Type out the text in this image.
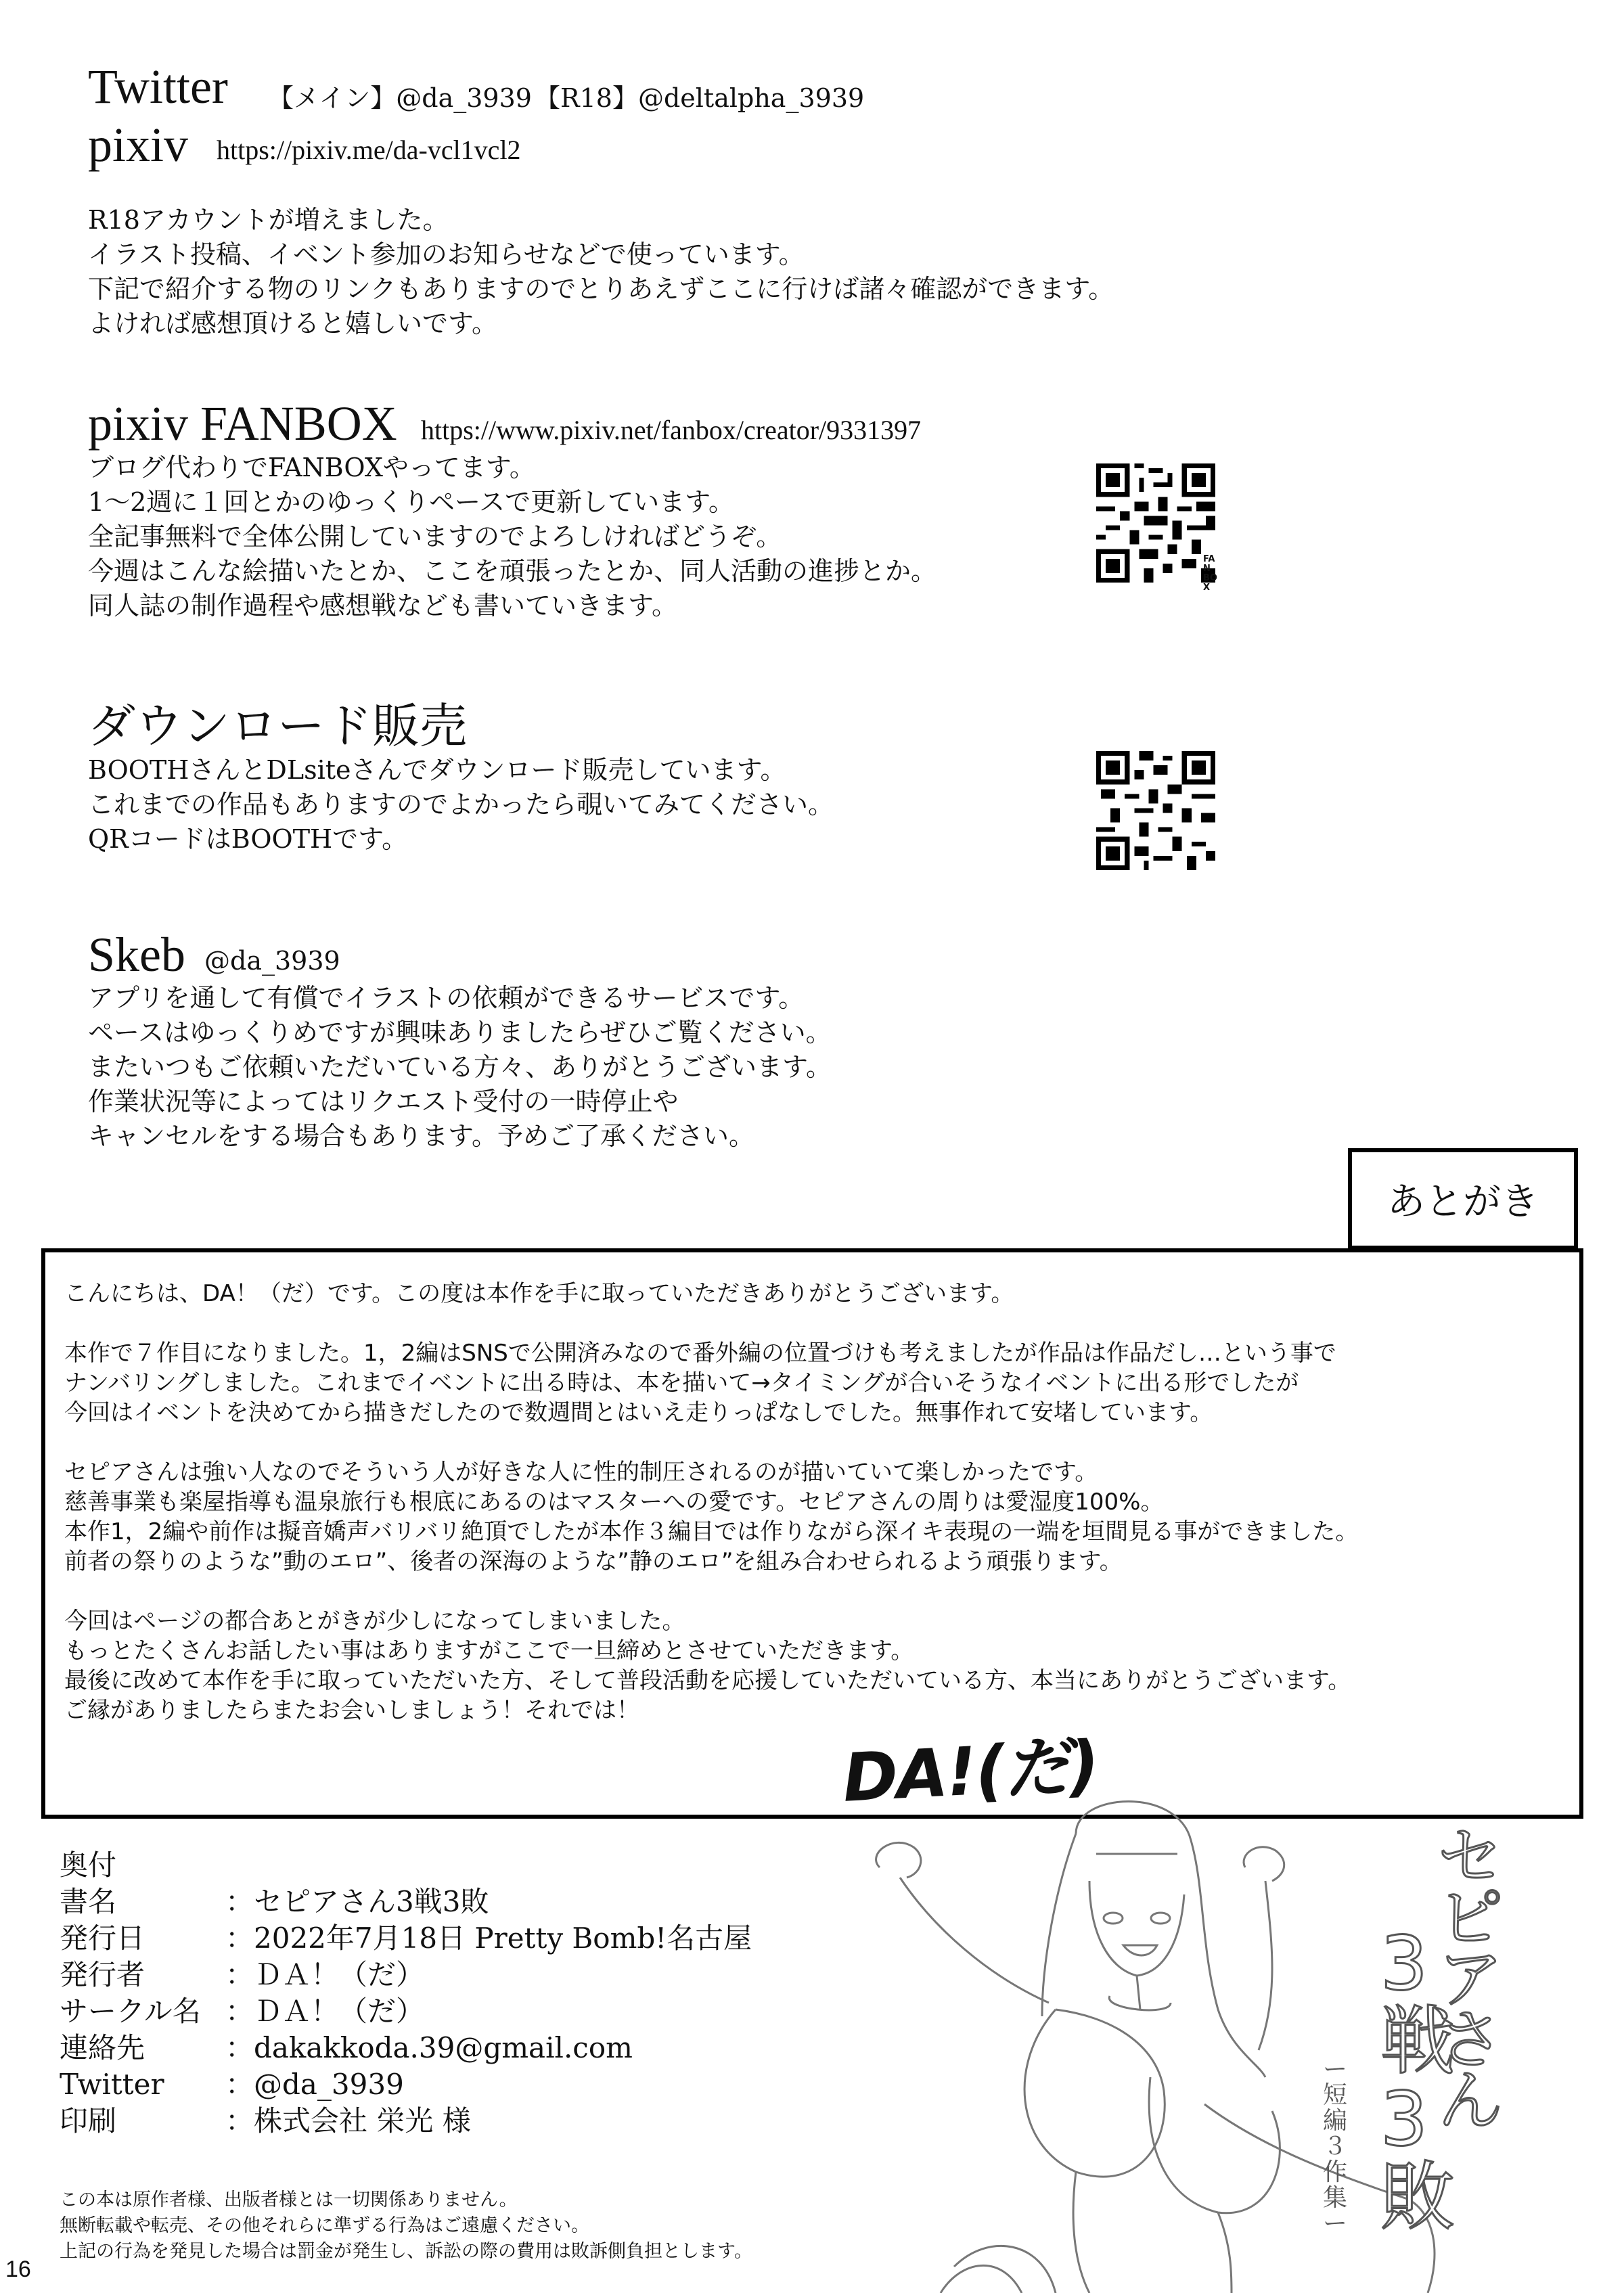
Twitter 【メイン】@da_3939 【R18】@deltalpha_3939
pixiv https://pixiv.me/da-vcl1vcl2
R18アカウントが増えました。
イラスト投稿、イベント参加のお知らせなどで使っています。
下記で紹介する物のリンクもありますのでとりあえずここに行けば諸々確認ができます。
よければ感想頂けると嬉しいです。
pixiv FANBOX https://www.pixiv.net/fanbox/creator/9331397
ブログ代わりでFANBOXやってます。
1～2週に１回とかのゆっくりペースで更新しています。
全記事無料で全体公開していますのでよろしければどうぞ。
今週はこんな絵描いたとか、ここを頑張ったとか、同人活動の進捗とか。
同人誌の制作過程や感想戦なども書いていきます。
FAN BOX
ダウンロード販売
BOOTHさんとDLsiteさんでダウンロード販売しています。
これまでの作品もありますのでよかったら覗いてみてください。
QRコードはBOOTHです。
Skeb @da_3939
アプリを通して有償でイラストの依頼ができるサービスです。
ペースはゆっくりめですが興味ありましたらぜひご覧ください。
またいつもご依頼いただいている方々、ありがとうございます。
作業状況等によってはリクエスト受付の一時停止や
キャンセルをする場合もあります。予めご了承ください。
あとがき
こんにちは、DA！（だ）です。この度は本作を手に取っていただきありがとうございます。
本作で７作目になりました。1，2編はSNSで公開済みなので番外編の位置づけも考えましたが作品は作品だし…という事で
ナンバリングしました。これまでイベントに出る時は、本を描いて→タイミングが合いそうなイベントに出る形でしたが
今回はイベントを決めてから描きだしたので数週間とはいえ走りっぱなしでした。無事作れて安堵しています。
セピアさんは強い人なのでそういう人が好きな人に性的制圧されるのが描いていて楽しかったです。
慈善事業も楽屋指導も温泉旅行も根底にあるのはマスターへの愛です。セピアさんの周りは愛湿度100%。
本作1，2編や前作は擬音嬌声バリバリ絶頂でしたが本作３編目では作りながら深イキ表現の一端を垣間見る事ができました。
前者の祭りのような”動のエロ”、後者の深海のような”静のエロ”を組み合わせられるよう頑張ります。
今回はページの都合あとがきが少しになってしまいました。
もっとたくさんお話したい事はありますがここで一旦締めとさせていただきます。
最後に改めて本作を手に取っていただいた方、そして普段活動を応援していただいている方、本当にありがとうございます。
ご縁がありましたらまたお会いしましょう！それでは！
DA!(だ)
セピアさん
3戦3敗
ー短編３作集ー
奥付
書名	：セピアさん3戦3敗
発行日	：2022年7月18日 Pretty Bomb!名古屋
発行者	：ＤＡ！（だ）
サークル名 ：ＤＡ！（だ）
連絡先	：dakakkoda.39@gmail.com
Twitter	：@da_3939
印刷	：株式会社 栄光 様
この本は原作者様、出版者様とは一切関係ありません。
無断転載や転売、その他それらに準ずる行為はご遠慮ください。
上記の行為を発見した場合は罰金が発生し、訴訟の際の費用は敗訴側負担とします。
16
